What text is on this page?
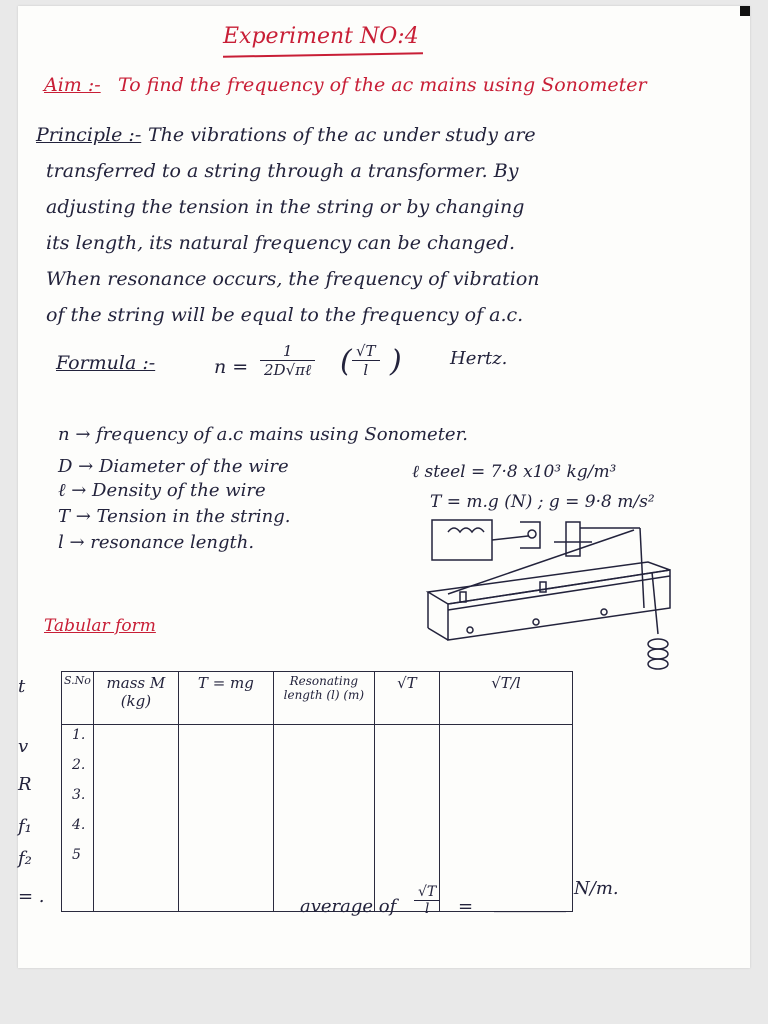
Experiment NO:4
Aim :- To find the frequency of the ac mains using Sonometer
Principle :- The vibrations of the ac under study are
transferred to a string through a transformer. By
adjusting the tension in the string or by changing
its length, its natural frequency can be changed.
When resonance occurs, the frequency of vibration
of the string will be equal to the frequency of a.c.
Formula :-	n =
1
2D√πℓ ( $\frac{√T}{l}$ )	Hertz.
n → frequency of a.c mains using Sonometer.
D → Diameter of the wire
ℓ → Density of the wire
T → Tension in the string.
l → resonance length.
ℓ steel = 7·8 x10³ kg/m³
T = m.g (N) ; g = 9·8 m/s²
Tabular form
t
v
R
f₁
f₂
= .
S.No	mass M (kg)	T = mg	Resonating length (l) (m)	√T	√T/l

1.
2.
3.
4.
5					

average of $\frac{√T}{l}$ = ________
N/m.
